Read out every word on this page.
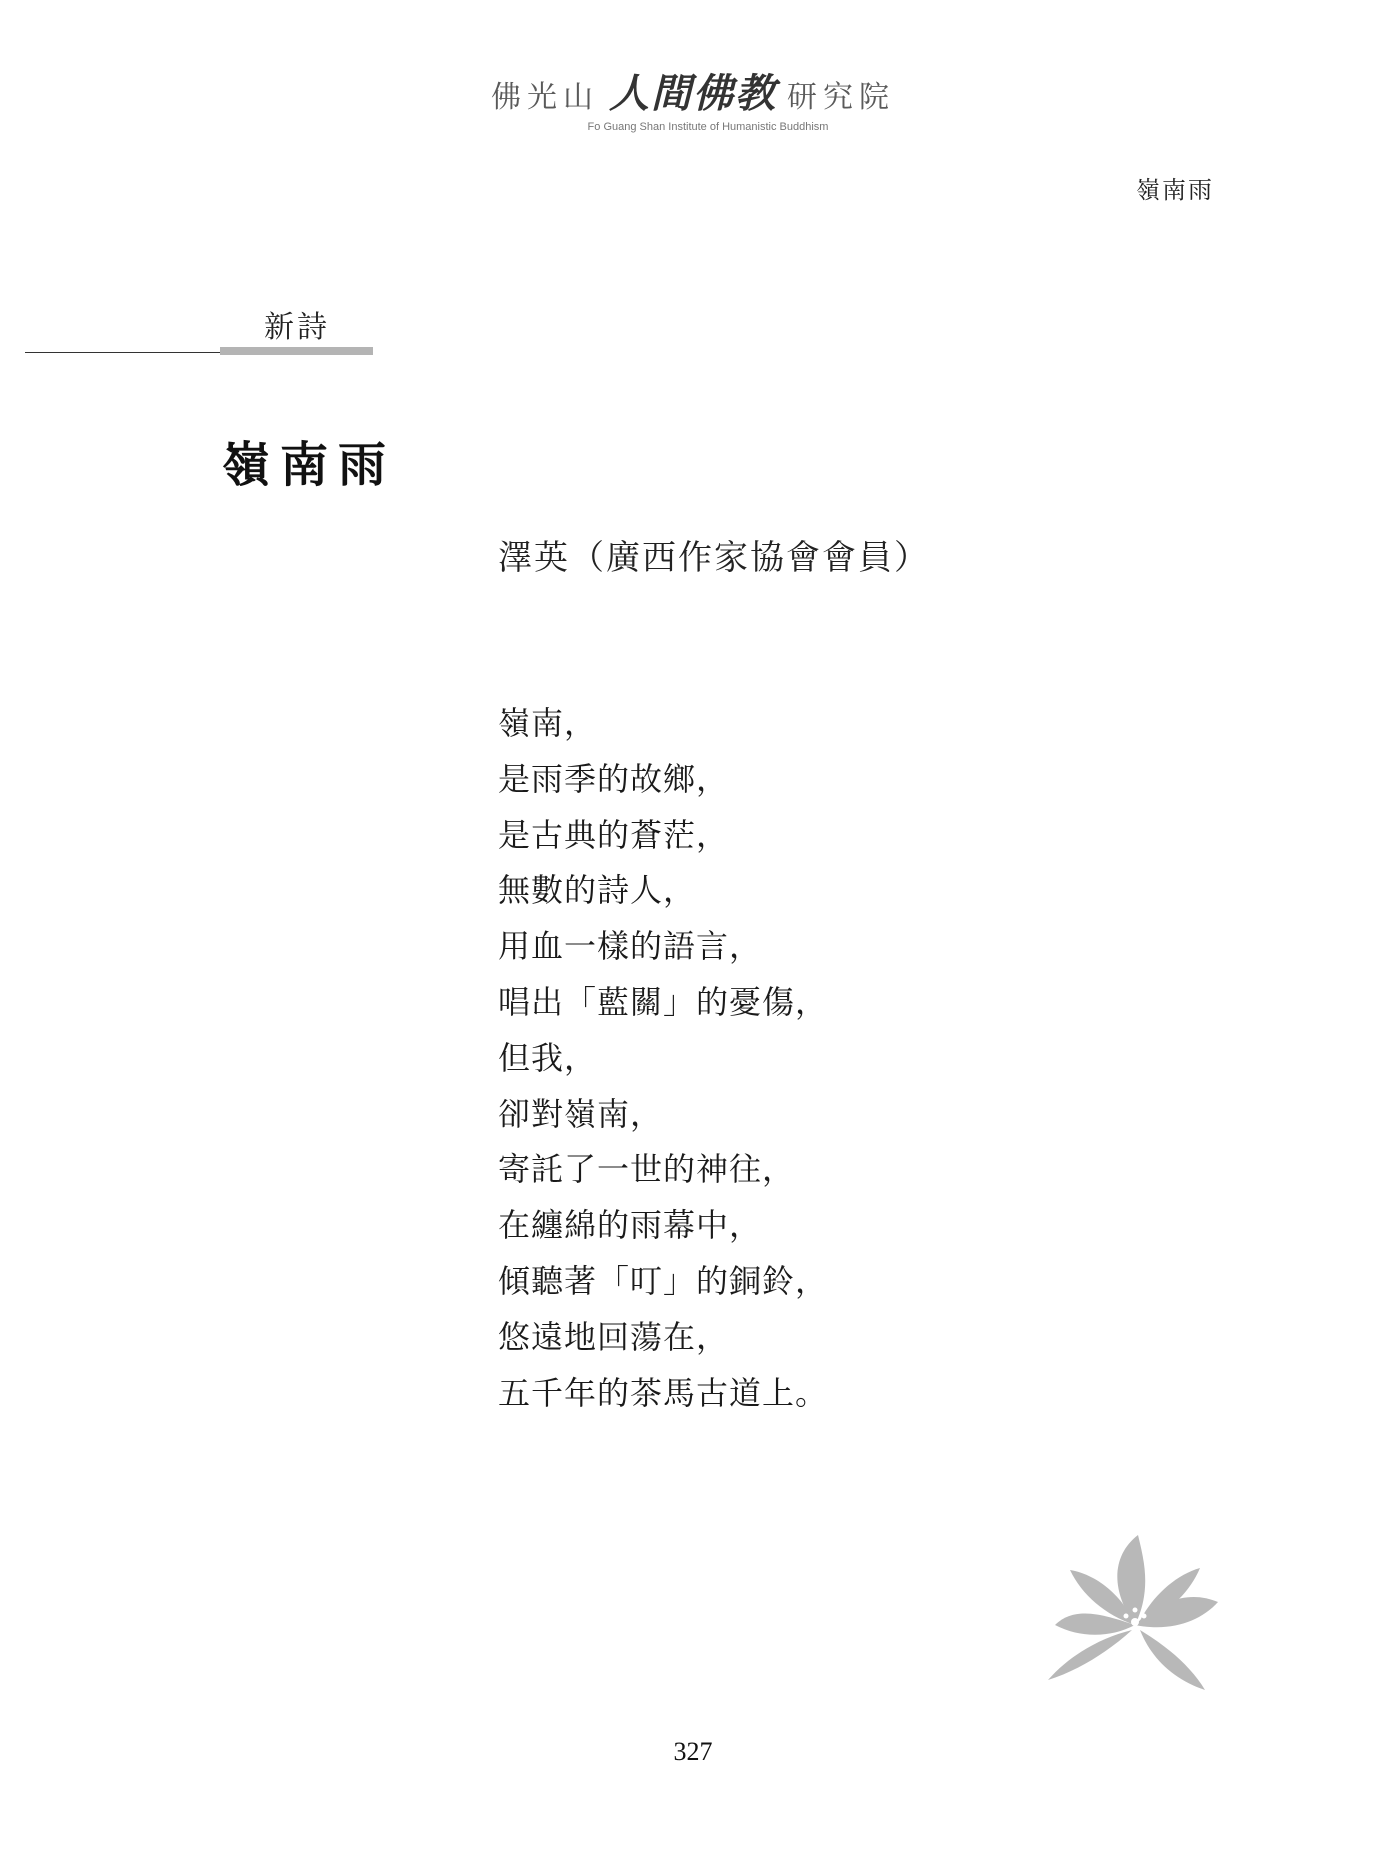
佛光山 人間佛教 研究院
Fo Guang Shan Institute of Humanistic Buddhism
嶺南雨
新詩
嶺南雨
澤英（廣西作家協會會員）
嶺南，
是雨季的故鄉，
是古典的蒼茫，
無數的詩人，
用血一樣的語言，
唱出「藍關」的憂傷，
但我，
卻對嶺南，
寄託了一世的神往，
在纏綿的雨幕中，
傾聽著「叮」的銅鈴，
悠遠地回蕩在，
五千年的茶馬古道上。
327
